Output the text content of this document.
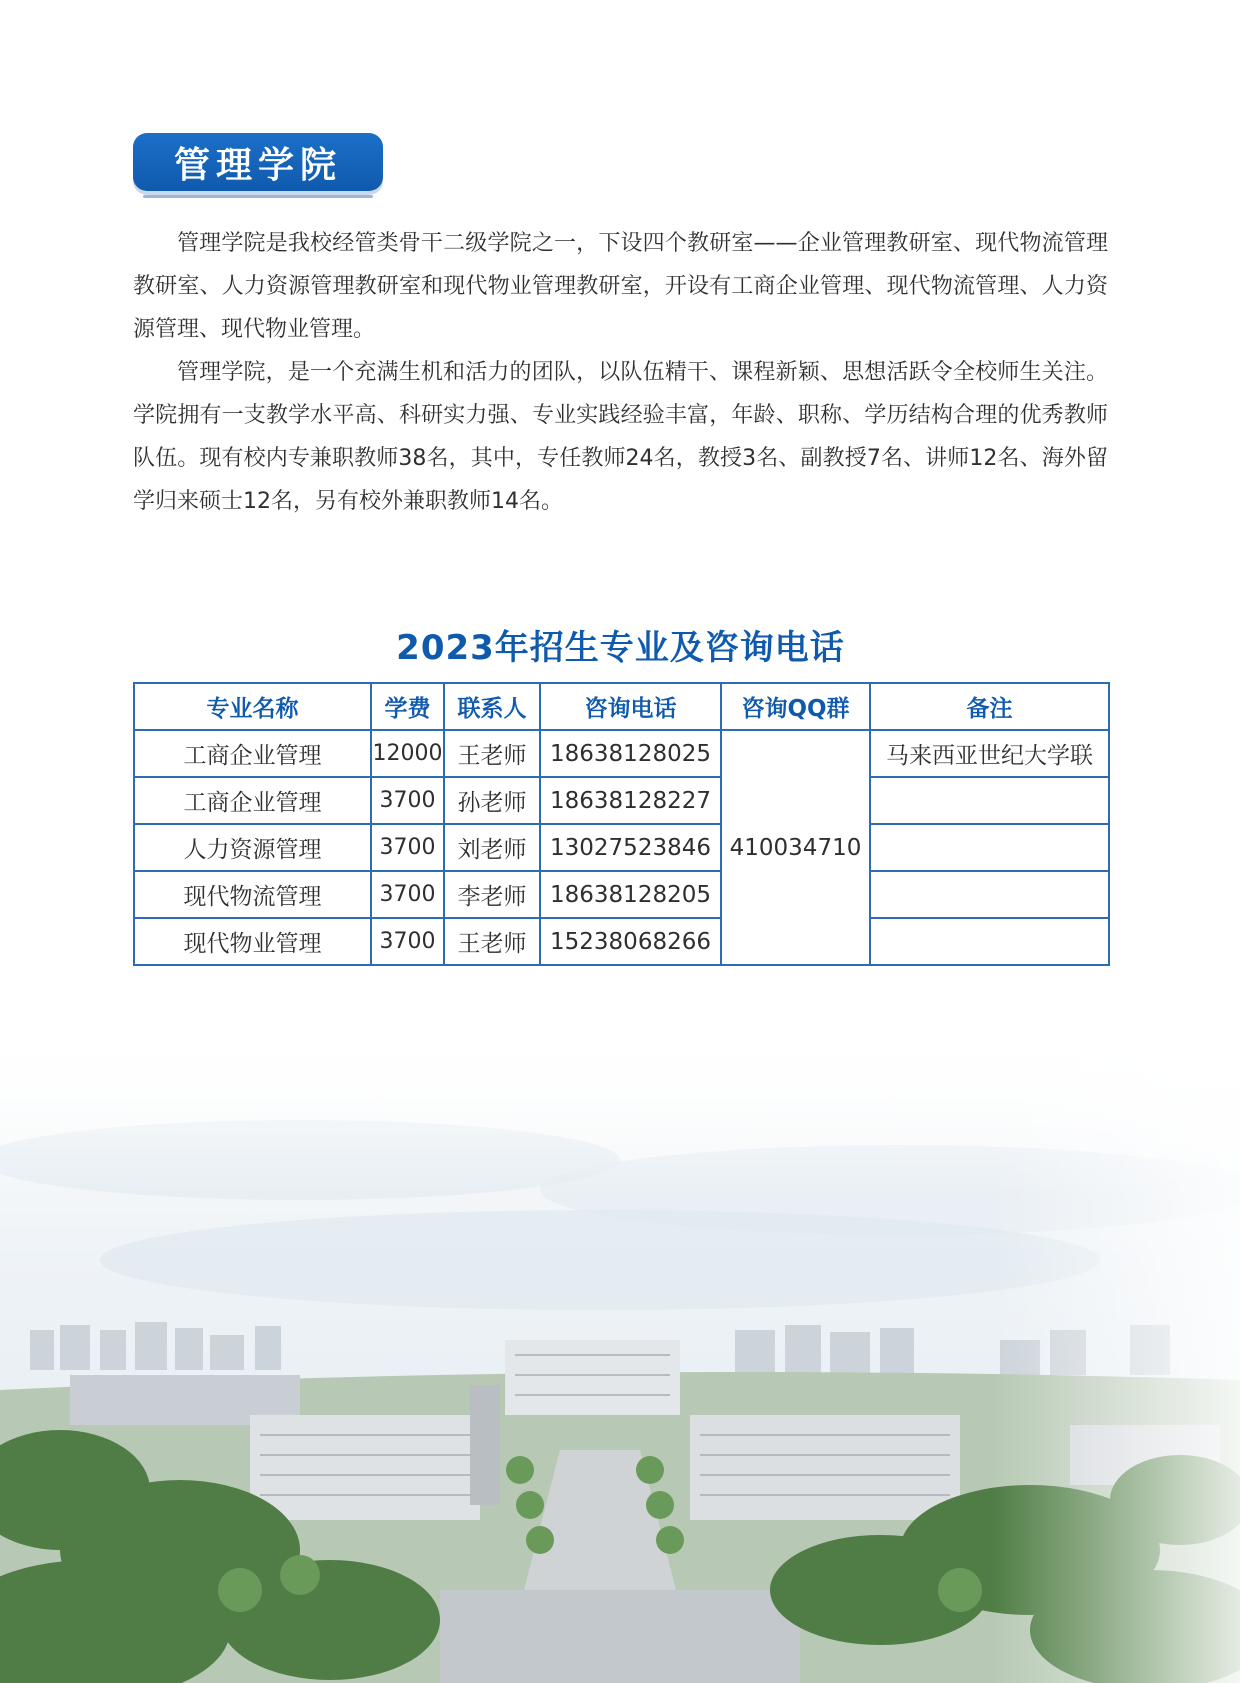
管理学院

管理学院是我校经管类骨干二级学院之一，下设四个教研室——企业管理教研室、现代物流管理教研室、人力资源管理教研室和现代物业管理教研室，开设有工商企业管理、现代物流管理、人力资源管理、现代物业管理。

管理学院，是一个充满生机和活力的团队，以队伍精干、课程新颖、思想活跃令全校师生关注。学院拥有一支教学水平高、科研实力强、专业实践经验丰富，年龄、职称、学历结构合理的优秀教师队伍。现有校内专兼职教师38名，其中，专任教师24名，教授3名、副教授7名、讲师12名、海外留学归来硕士12名，另有校外兼职教师14名。

2023年招生专业及咨询电话
专业名称	学费	联系人	咨询电话	咨询QQ群	备注
工商企业管理	12000	王老师	18638128025	410034710	马来西亚世纪大学联
工商企业管理	3700	孙老师	18638128227		
人力资源管理	3700	刘老师	13027523846		
现代物流管理	3700	李老师	18638128205		
现代物业管理	3700	王老师	15238068266		
